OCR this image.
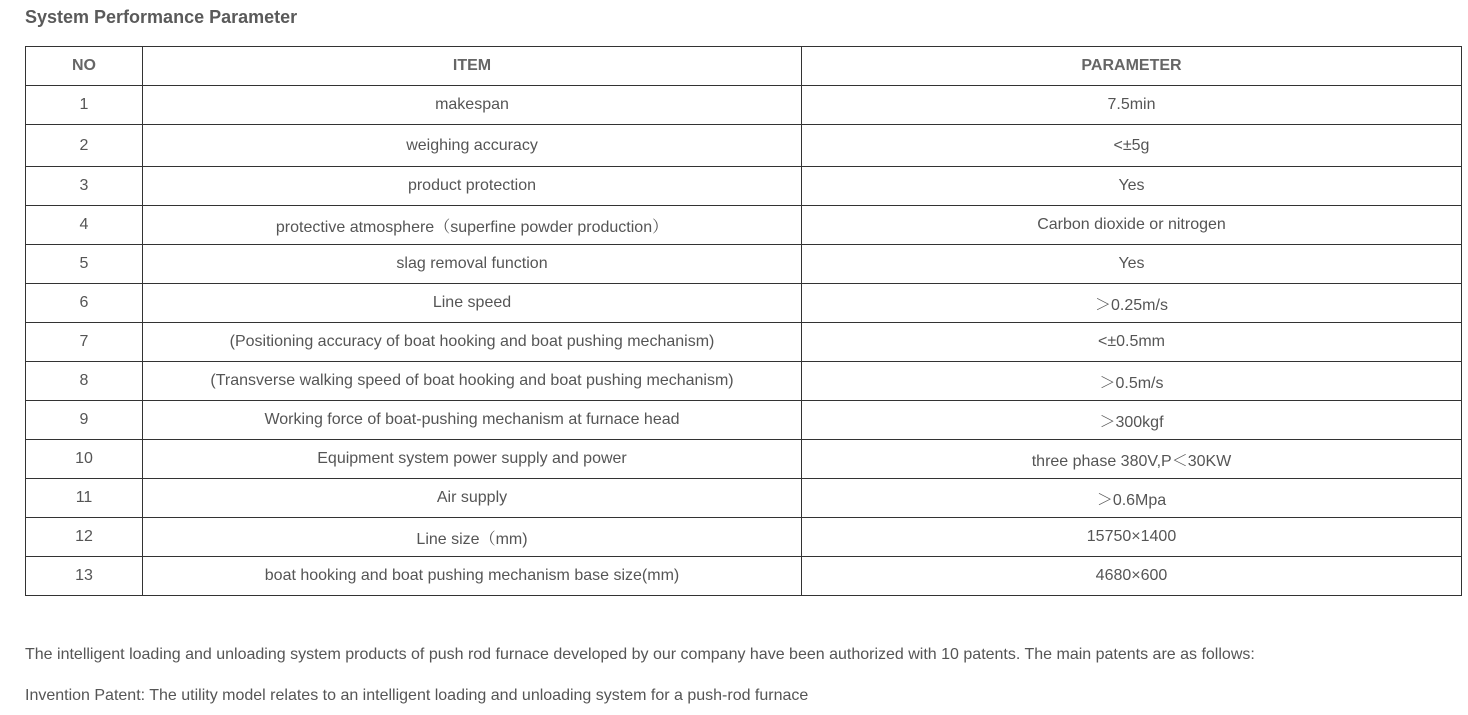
System Performance Parameter
NO	ITEM	PARAMETER
1	makespan	7.5min
2	weighing accuracy	<±5g
3	product protection	Yes
4	protective atmosphere（superfine powder production）	Carbon dioxide or nitrogen
5	slag removal function	Yes
6	Line speed	＞0.25m/s
7	(Positioning accuracy of boat hooking and boat pushing mechanism)	<±0.5mm
8	(Transverse walking speed of boat hooking and boat pushing mechanism)	＞0.5m/s
9	Working force of boat-pushing mechanism at furnace head	＞300kgf
10	Equipment system power supply and power	three phase 380V,P＜30KW
11	Air supply	＞0.6Mpa
12	Line size（mm)	15750×1400
13	boat hooking and boat pushing mechanism base size(mm)	4680×600

The intelligent loading and unloading system products of push rod furnace developed by our company have been authorized with 10 patents. The main patents are as follows:

Invention Patent: The utility model relates to an intelligent loading and unloading system for a push-rod furnace
